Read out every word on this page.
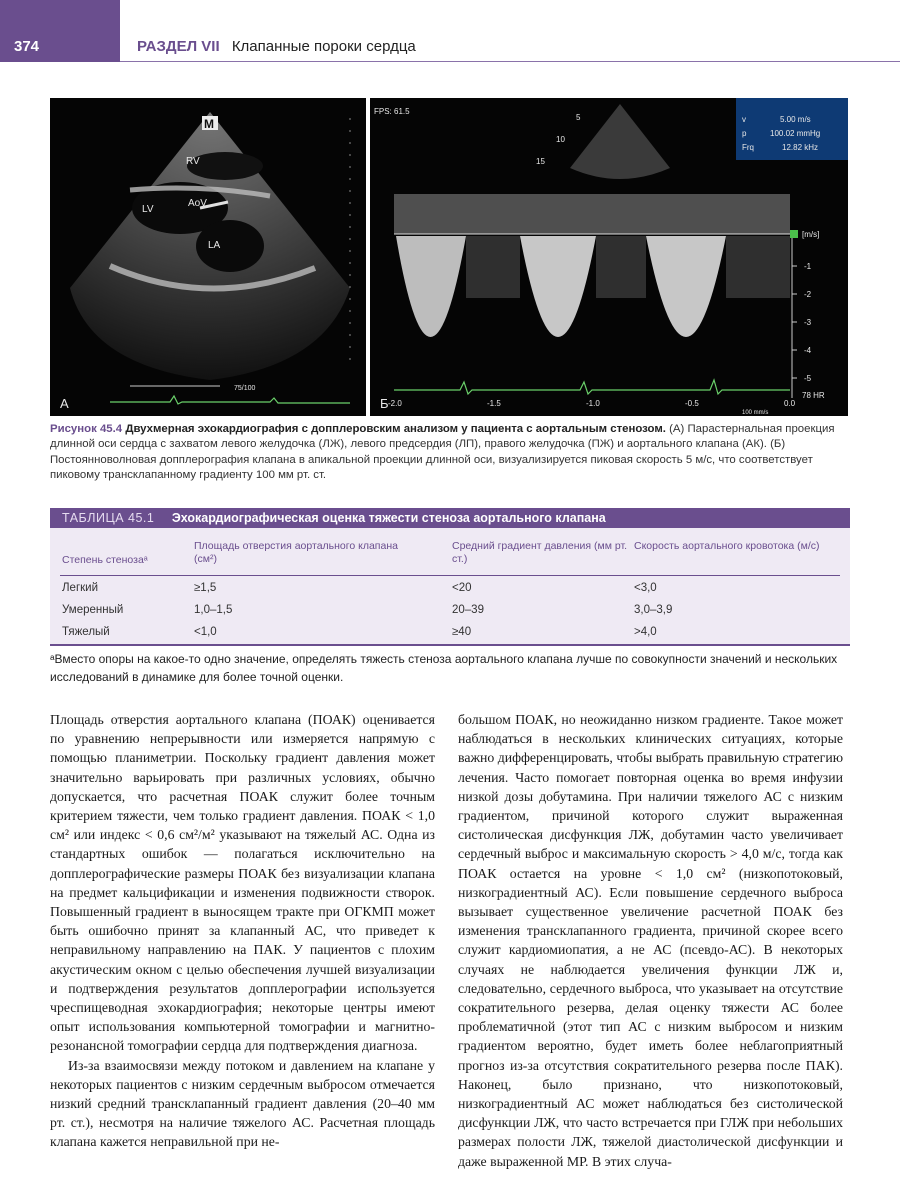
374	РАЗДЕЛ VII Клапанные пороки сердца
M
RV
LV
AoV
LA
75/100
A
FPS: 61.5
10
15
5	v	5.00 m/s
p	100.02 mmHg
Frq	12.82 kHz
[m/s]
-1
-2
-3
-4
-5
-2.0	-1.5	-1.0	-0.5	0.0
78 HR
100 mm/s
Б
Рисунок 45.4 Двухмерная эхокардиография с допплеровским анализом у пациента с аортальным стенозом. (А) Парастернальная проекция длинной оси сердца с захватом левого желудочка (ЛЖ), левого предсердия (ЛП), правого желудочка (ПЖ) и аортального клапана (АК). (Б) Постоянноволновая допплерография клапана в апикальной проекции длинной оси, визуализируется пиковая скорость 5 м/с, что соответствует пиковому трансклапанному градиенту 100 мм рт. ст.
ТАБЛИЦА 45.1 Эхокардиографическая оценка тяжести стеноза аортального клапана
Степень стенозаᵃ
Площадь отверстия аортального клапана (см²)
Средний градиент давления (мм рт. ст.)
Скорость аортального кровотока (м/с)
Легкий	≥1,5	<20	<3,0
Умеренный	1,0–1,5	20–39	3,0–3,9
Тяжелый	<1,0	≥40	>4,0
ᵃВместо опоры на какое-то одно значение, определять тяжесть стеноза аортального клапана лучше по совокупности значений и нескольких исследований в динамике для более точной оценки.

Площадь отверстия аортального клапана (ПОАК) оценивается по уравнению непрерывности или измеряется напрямую с помощью планиметрии. Поскольку градиент давления может значительно варьировать при различных условиях, обычно допускается, что расчетная ПОАК служит более точным критерием тяжести, чем только градиент давления. ПОАК < 1,0 см² или индекс < 0,6 см²/м² указывают на тяжелый АС. Одна из стандартных ошибок — полагаться исключительно на допплерографические размеры ПОАК без визуализации клапана на предмет кальцификации и изменения подвижности створок. Повышенный градиент в выносящем тракте при ОГКМП может быть ошибочно принят за клапанный АС, что приведет к неправильному направлению на ПАК. У пациентов с плохим акустическим окном с целью обеспечения лучшей визуализации и подтверждения результатов допплерографии используется чреспищеводная эхокардиография; некоторые центры имеют опыт использования компьютерной томографии и магнитно-резонансной томографии сердца для подтверждения диагноза.

Из-за взаимосвязи между потоком и давлением на клапане у некоторых пациентов с низким сердечным выбросом отмечается низкий средний трансклапанный градиент давления (20–40 мм рт. ст.), несмотря на наличие тяжелого АС. Расчетная площадь клапана кажется неправильной при не-

большом ПОАК, но неожиданно низком градиенте. Такое может наблюдаться в нескольких клинических ситуациях, которые важно дифференцировать, чтобы выбрать правильную стратегию лечения. Часто помогает повторная оценка во время инфузии низкой дозы добутамина. При наличии тяжелого АС с низким градиентом, причиной которого служит выраженная систолическая дисфункция ЛЖ, добутамин часто увеличивает сердечный выброс и максимальную скорость > 4,0 м/с, тогда как ПОАК остается на уровне < 1,0 см² (низкопотоковый, низкоградиентный АС). Если повышение сердечного выброса вызывает существенное увеличение расчетной ПОАК без изменения трансклапанного градиента, причиной скорее всего служит кардиомиопатия, а не АС (псевдо-АС). В некоторых случаях не наблюдается увеличения функции ЛЖ и, следовательно, сердечного выброса, что указывает на отсутствие сократительного резерва, делая оценку тяжести АС более проблематичной (этот тип АС с низким выбросом и низким градиентом вероятно, будет иметь более неблагоприятный прогноз из-за отсутствия сократительного резерва после ПАК). Наконец, было признано, что низкопотоковый, низкоградиентный АС может наблюдаться без систолической дисфункции ЛЖ, что часто встречается при ГЛЖ при небольших размерах полости ЛЖ, тяжелой диастолической дисфункции и даже выраженной МР. В этих случа-
